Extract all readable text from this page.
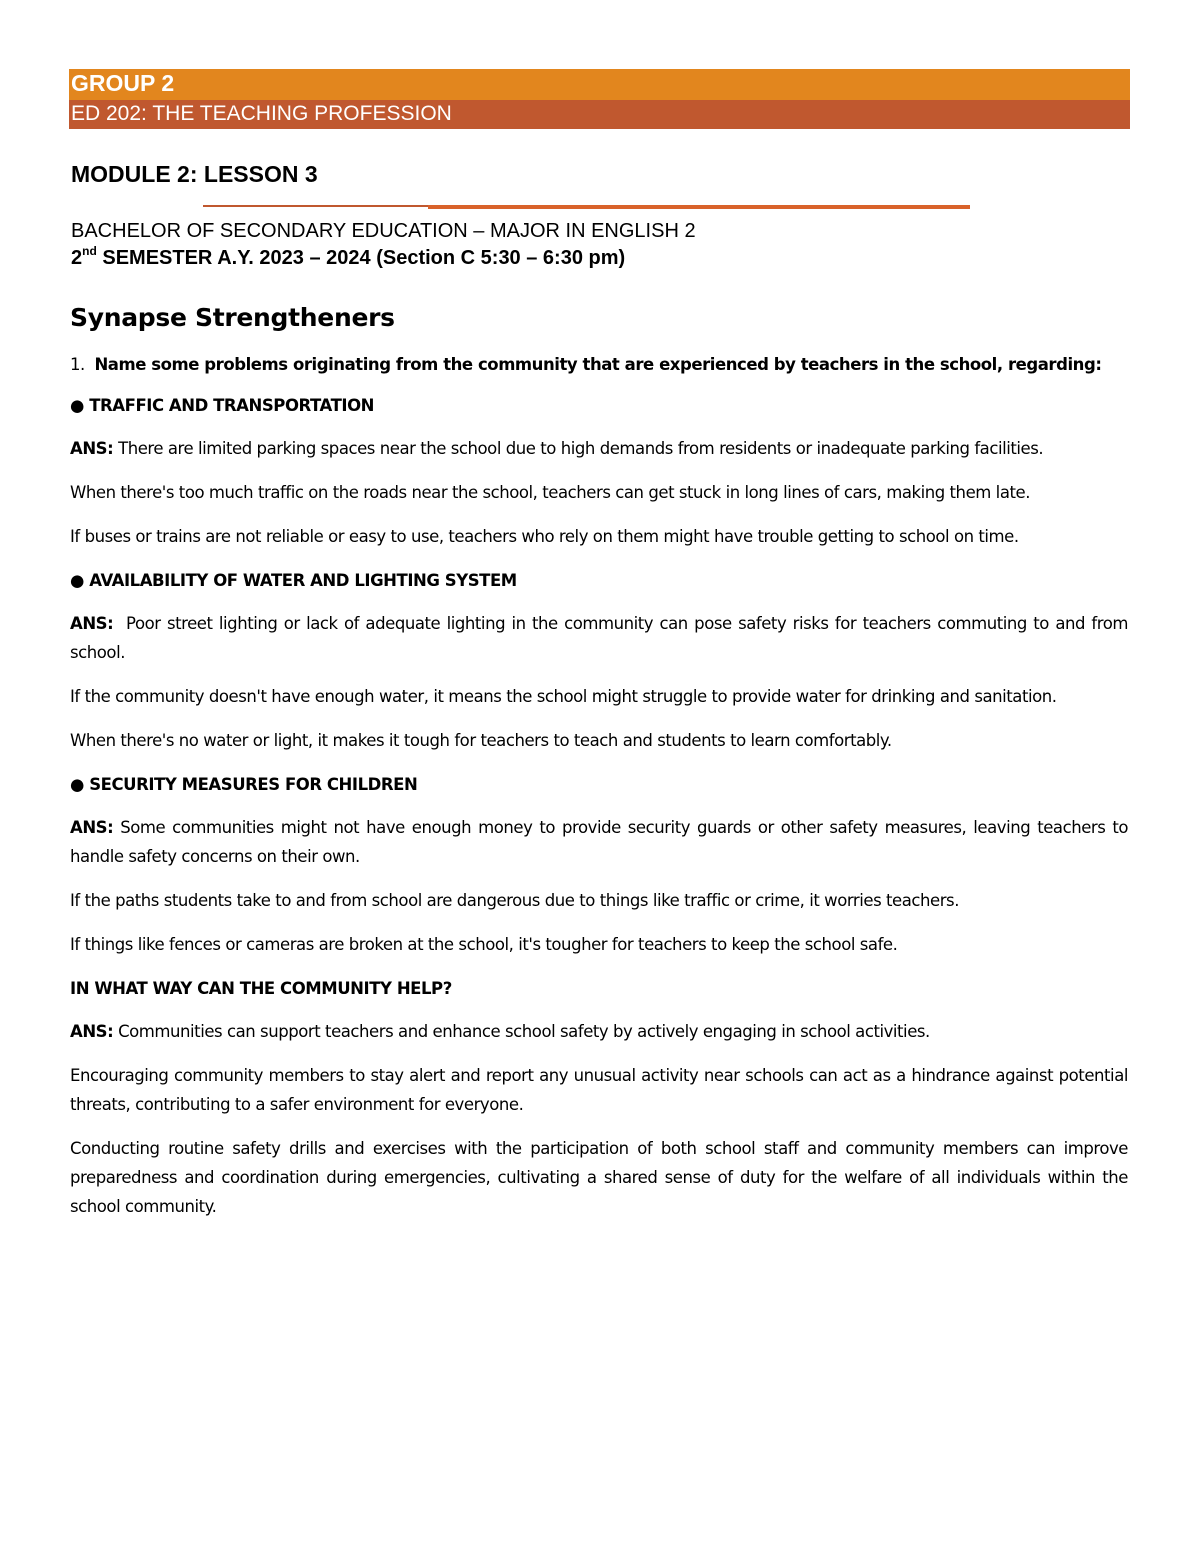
GROUP 2
ED 202: THE TEACHING PROFESSION
MODULE 2: LESSON 3
BACHELOR OF SECONDARY EDUCATION – MAJOR IN ENGLISH 2
2nd SEMESTER A.Y. 2023 – 2024 (Section C 5:30 – 6:30 pm)
Synapse Strengtheners

1. Name some problems originating from the community that are experienced by teachers in the school, regarding:

● TRAFFIC AND TRANSPORTATION

ANS: There are limited parking spaces near the school due to high demands from residents or inadequate parking facilities.

When there's too much traffic on the roads near the school, teachers can get stuck in long lines of cars, making them late.

If buses or trains are not reliable or easy to use, teachers who rely on them might have trouble getting to school on time.

● AVAILABILITY OF WATER AND LIGHTING SYSTEM

ANS: Poor street lighting or lack of adequate lighting in the community can pose safety risks for teachers commuting to and from school.

If the community doesn't have enough water, it means the school might struggle to provide water for drinking and sanitation.

When there's no water or light, it makes it tough for teachers to teach and students to learn comfortably.

● SECURITY MEASURES FOR CHILDREN

ANS: Some communities might not have enough money to provide security guards or other safety measures, leaving teachers to handle safety concerns on their own.

If the paths students take to and from school are dangerous due to things like traffic or crime, it worries teachers.

If things like fences or cameras are broken at the school, it's tougher for teachers to keep the school safe.

IN WHAT WAY CAN THE COMMUNITY HELP?

ANS: Communities can support teachers and enhance school safety by actively engaging in school activities.

Encouraging community members to stay alert and report any unusual activity near schools can act as a hindrance against potential threats, contributing to a safer environment for everyone.

Conducting routine safety drills and exercises with the participation of both school staff and community members can improve preparedness and coordination during emergencies, cultivating a shared sense of duty for the welfare of all individuals within the school community.
